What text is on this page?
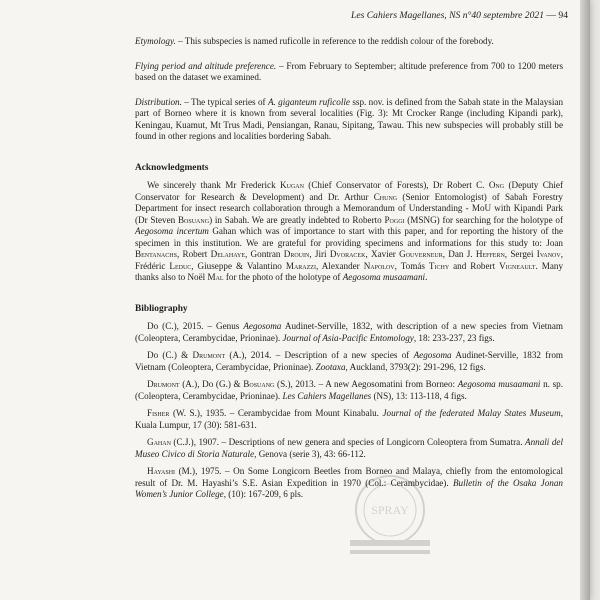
Les Cahiers Magellanes, NS n°40 septembre 2021 — 94

Etymology. – This subspecies is named ruficolle in reference to the reddish colour of the forebody.

Flying period and altitude preference. – From February to September; altitude preference from 700 to 1200 meters based on the dataset we examined.

Distribution. – The typical series of A. giganteum ruficolle ssp. nov. is defined from the Sabah state in the Malaysian part of Borneo where it is known from several localities (Fig. 3): Mt Crocker Range (including Kipandi park), Keningau, Kuamut, Mt Trus Madi, Pensiangan, Ranau, Sipitang, Tawau. This new subspecies will probably still be found in other regions and localities bordering Sabah.

Acknowledgments

We sincerely thank Mr Frederick Kugan (Chief Conservator of Forests), Dr Robert C. Ong (Deputy Chief Conservator for Research & Development) and Dr. Arthur Chung (Senior Entomologist) of Sabah Forestry Department for insect research collaboration through a Memorandum of Understanding - MoU with Kipandi Park (Dr Steven Bosuang) in Sabah. We are greatly indebted to Roberto Poggi (MSNG) for searching for the holotype of Aegosoma incertum Gahan which was of importance to start with this paper, and for reporting the history of the specimen in this institution. We are grateful for providing specimens and informations for this study to: Joan Bentanachs, Robert Delahaye, Gontran Drouin, Jiri Dvoracek, Xavier Gouverneur, Dan J. Heffern, Sergei Ivanov, Frédéric Leduc, Giuseppe & Valantino Marazzi, Alexander Napolov, Tomás Tichy and Robert Vigneault. Many thanks also to Noël Mal for the photo of the holotype of Aegosoma musaamani.

Bibliography

Do (C.), 2015. – Genus Aegosoma Audinet-Serville, 1832, with description of a new species from Vietnam (Coleoptera, Cerambycidae, Prioninae). Journal of Asia-Pacific Entomology, 18: 233-237, 23 figs.

Do (C.) & Drumont (A.), 2014. – Description of a new species of Aegosoma Audinet-Serville, 1832 from Vietnam (Coleoptera, Cerambycidae, Prioninae). Zootaxa, Auckland, 3793(2): 291-296, 12 figs.

Drumont (A.), Do (G.) & Bosuang (S.), 2013. – A new Aegosomatini from Borneo: Aegosoma musaamani n. sp. (Coleoptera, Cerambycidae, Prioninae). Les Cahiers Magellanes (NS), 13: 113-118, 4 figs.

Fisher (W. S.), 1935. – Cerambycidae from Mount Kinabalu. Journal of the federated Malay States Museum, Kuala Lumpur, 17 (30): 581-631.

Gahan (C.J.), 1907. – Descriptions of new genera and species of Longicorn Coleoptera from Sumatra. Annali del Museo Civico di Storia Naturale, Genova (serie 3), 43: 66-112.

Hayashi (M.), 1975. – On Some Longicorn Beetles from Borneo and Malaya, chiefly from the entomological result of Dr. M. Hayashi’s S.E. Asian Expedition in 1970 (Col.: Cerambycidae). Bulletin of the Osaka Jonan Women’s Junior College, (10): 167-209, 6 pls.

SPRAY
